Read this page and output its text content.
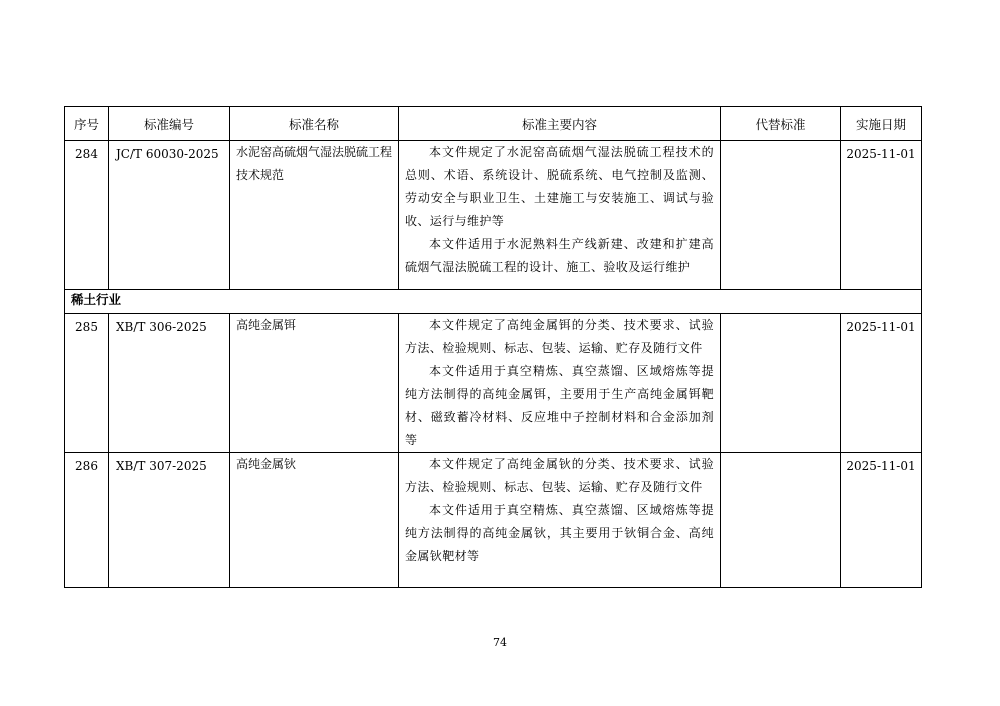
序号	标准编号	标准名称	标准主要内容	代替标准	实施日期
284	JC/T 60030-2025	水泥窑高硫烟气湿法脱硫工程技术规范	本文件规定了水泥窑高硫烟气湿法脱硫工程技术的总则、术语、系统设计、脱硫系统、电气控制及监测、劳动安全与职业卫生、土建施工与安装施工、调试与验收、运行与维护等

本文件适用于水泥熟料生产线新建、改建和扩建高硫烟气湿法脱硫工程的设计、施工、验收及运行维护		2025-11-01
稀土行业					
285	XB/T 306-2025	高纯金属铒	本文件规定了高纯金属铒的分类、技术要求、试验方法、检验规则、标志、包装、运输、贮存及随行文件

本文件适用于真空精炼、真空蒸馏、区域熔炼等提纯方法制得的高纯金属铒，主要用于生产高纯金属铒靶材、磁致蓄冷材料、反应堆中子控制材料和合金添加剂等		2025-11-01
286	XB/T 307-2025	高纯金属钬	本文件规定了高纯金属钬的分类、技术要求、试验方法、检验规则、标志、包装、运输、贮存及随行文件

本文件适用于真空精炼、真空蒸馏、区域熔炼等提纯方法制得的高纯金属钬，其主要用于钬铜合金、高纯金属钬靶材等		2025-11-01
74
